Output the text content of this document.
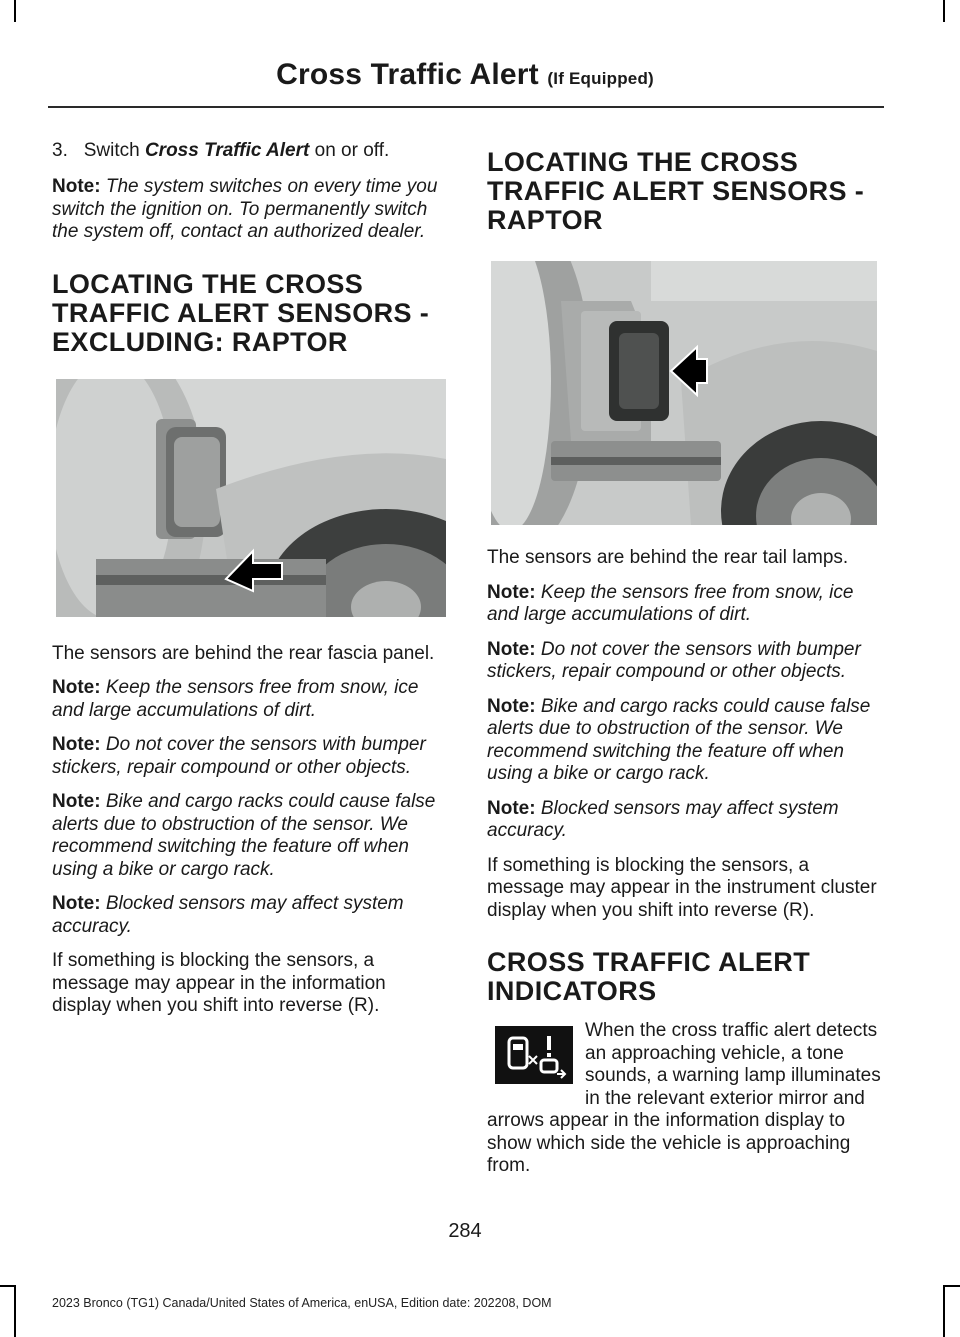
Cross Traffic Alert (If Equipped)
3. Switch Cross Traffic Alert on or off.

Note: The system switches on every time you switch the ignition on. To permanently switch the system off, contact an authorized dealer.

LOCATING THE CROSS
TRAFFIC ALERT SENSORS -
EXCLUDING: RAPTOR

The sensors are behind the rear fascia panel.

Note: Keep the sensors free from snow, ice and large accumulations of dirt.

Note: Do not cover the sensors with bumper stickers, repair compound or other objects.

Note: Bike and cargo racks could cause false alerts due to obstruction of the sensor. We recommend switching the feature off when using a bike or cargo rack.

Note: Blocked sensors may affect system accuracy.

If something is blocking the sensors, a message may appear in the information display when you shift into reverse (R).

LOCATING THE CROSS
TRAFFIC ALERT SENSORS -
RAPTOR

The sensors are behind the rear tail lamps.

Note: Keep the sensors free from snow, ice and large accumulations of dirt.

Note: Do not cover the sensors with bumper stickers, repair compound or other objects.

Note: Bike and cargo racks could cause false alerts due to obstruction of the sensor. We recommend switching the feature off when using a bike or cargo rack.

Note: Blocked sensors may affect system accuracy.

If something is blocking the sensors, a message may appear in the instrument cluster display when you shift into reverse (R).

CROSS TRAFFIC ALERT
INDICATORS

When the cross traffic alert detects an approaching vehicle, a tone sounds, a warning lamp illuminates in the relevant exterior mirror and arrows appear in the information display to show which side the vehicle is approaching from.

284
2023 Bronco (TG1) Canada/United States of America, enUSA, Edition date: 202208, DOM
